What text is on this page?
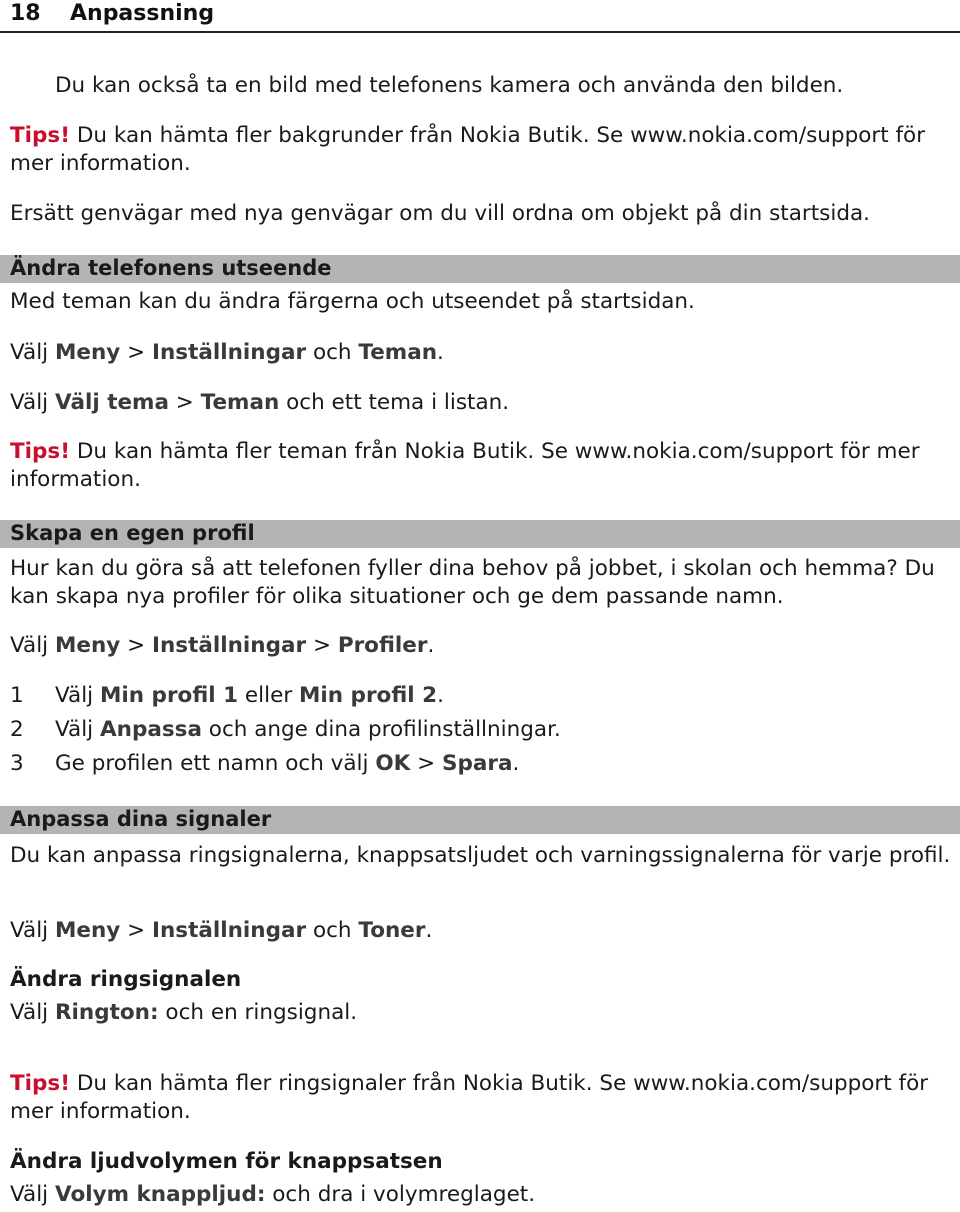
18 Anpassning
Du kan också ta en bild med telefonens kamera och använda den bilden.
Tips! Du kan hämta fler bakgrunder från Nokia Butik. Se www.nokia.com/support för mer information.
Ersätt genvägar med nya genvägar om du vill ordna om objekt på din startsida.
Ändra telefonens utseende
Med teman kan du ändra färgerna och utseendet på startsidan.
Välj Meny > Inställningar och Teman.
Välj Välj tema > Teman och ett tema i listan.
Tips! Du kan hämta fler teman från Nokia Butik. Se www.nokia.com/support för mer information.
Skapa en egen profil
Hur kan du göra så att telefonen fyller dina behov på jobbet, i skolan och hemma? Du kan skapa nya profiler för olika situationer och ge dem passande namn.
Välj Meny > Inställningar > Profiler.
1 Välj Min profil 1 eller Min profil 2.
2 Välj Anpassa och ange dina profilinställningar.
3 Ge profilen ett namn och välj OK > Spara.
Anpassa dina signaler
Du kan anpassa ringsignalerna, knappsatsljudet och varningssignalerna för varje profil.
Välj Meny > Inställningar och Toner.
Ändra ringsignalen
Välj Rington: och en ringsignal.
Tips! Du kan hämta fler ringsignaler från Nokia Butik. Se www.nokia.com/support för mer information.
Ändra ljudvolymen för knappsatsen
Välj Volym knappljud: och dra i volymreglaget.
